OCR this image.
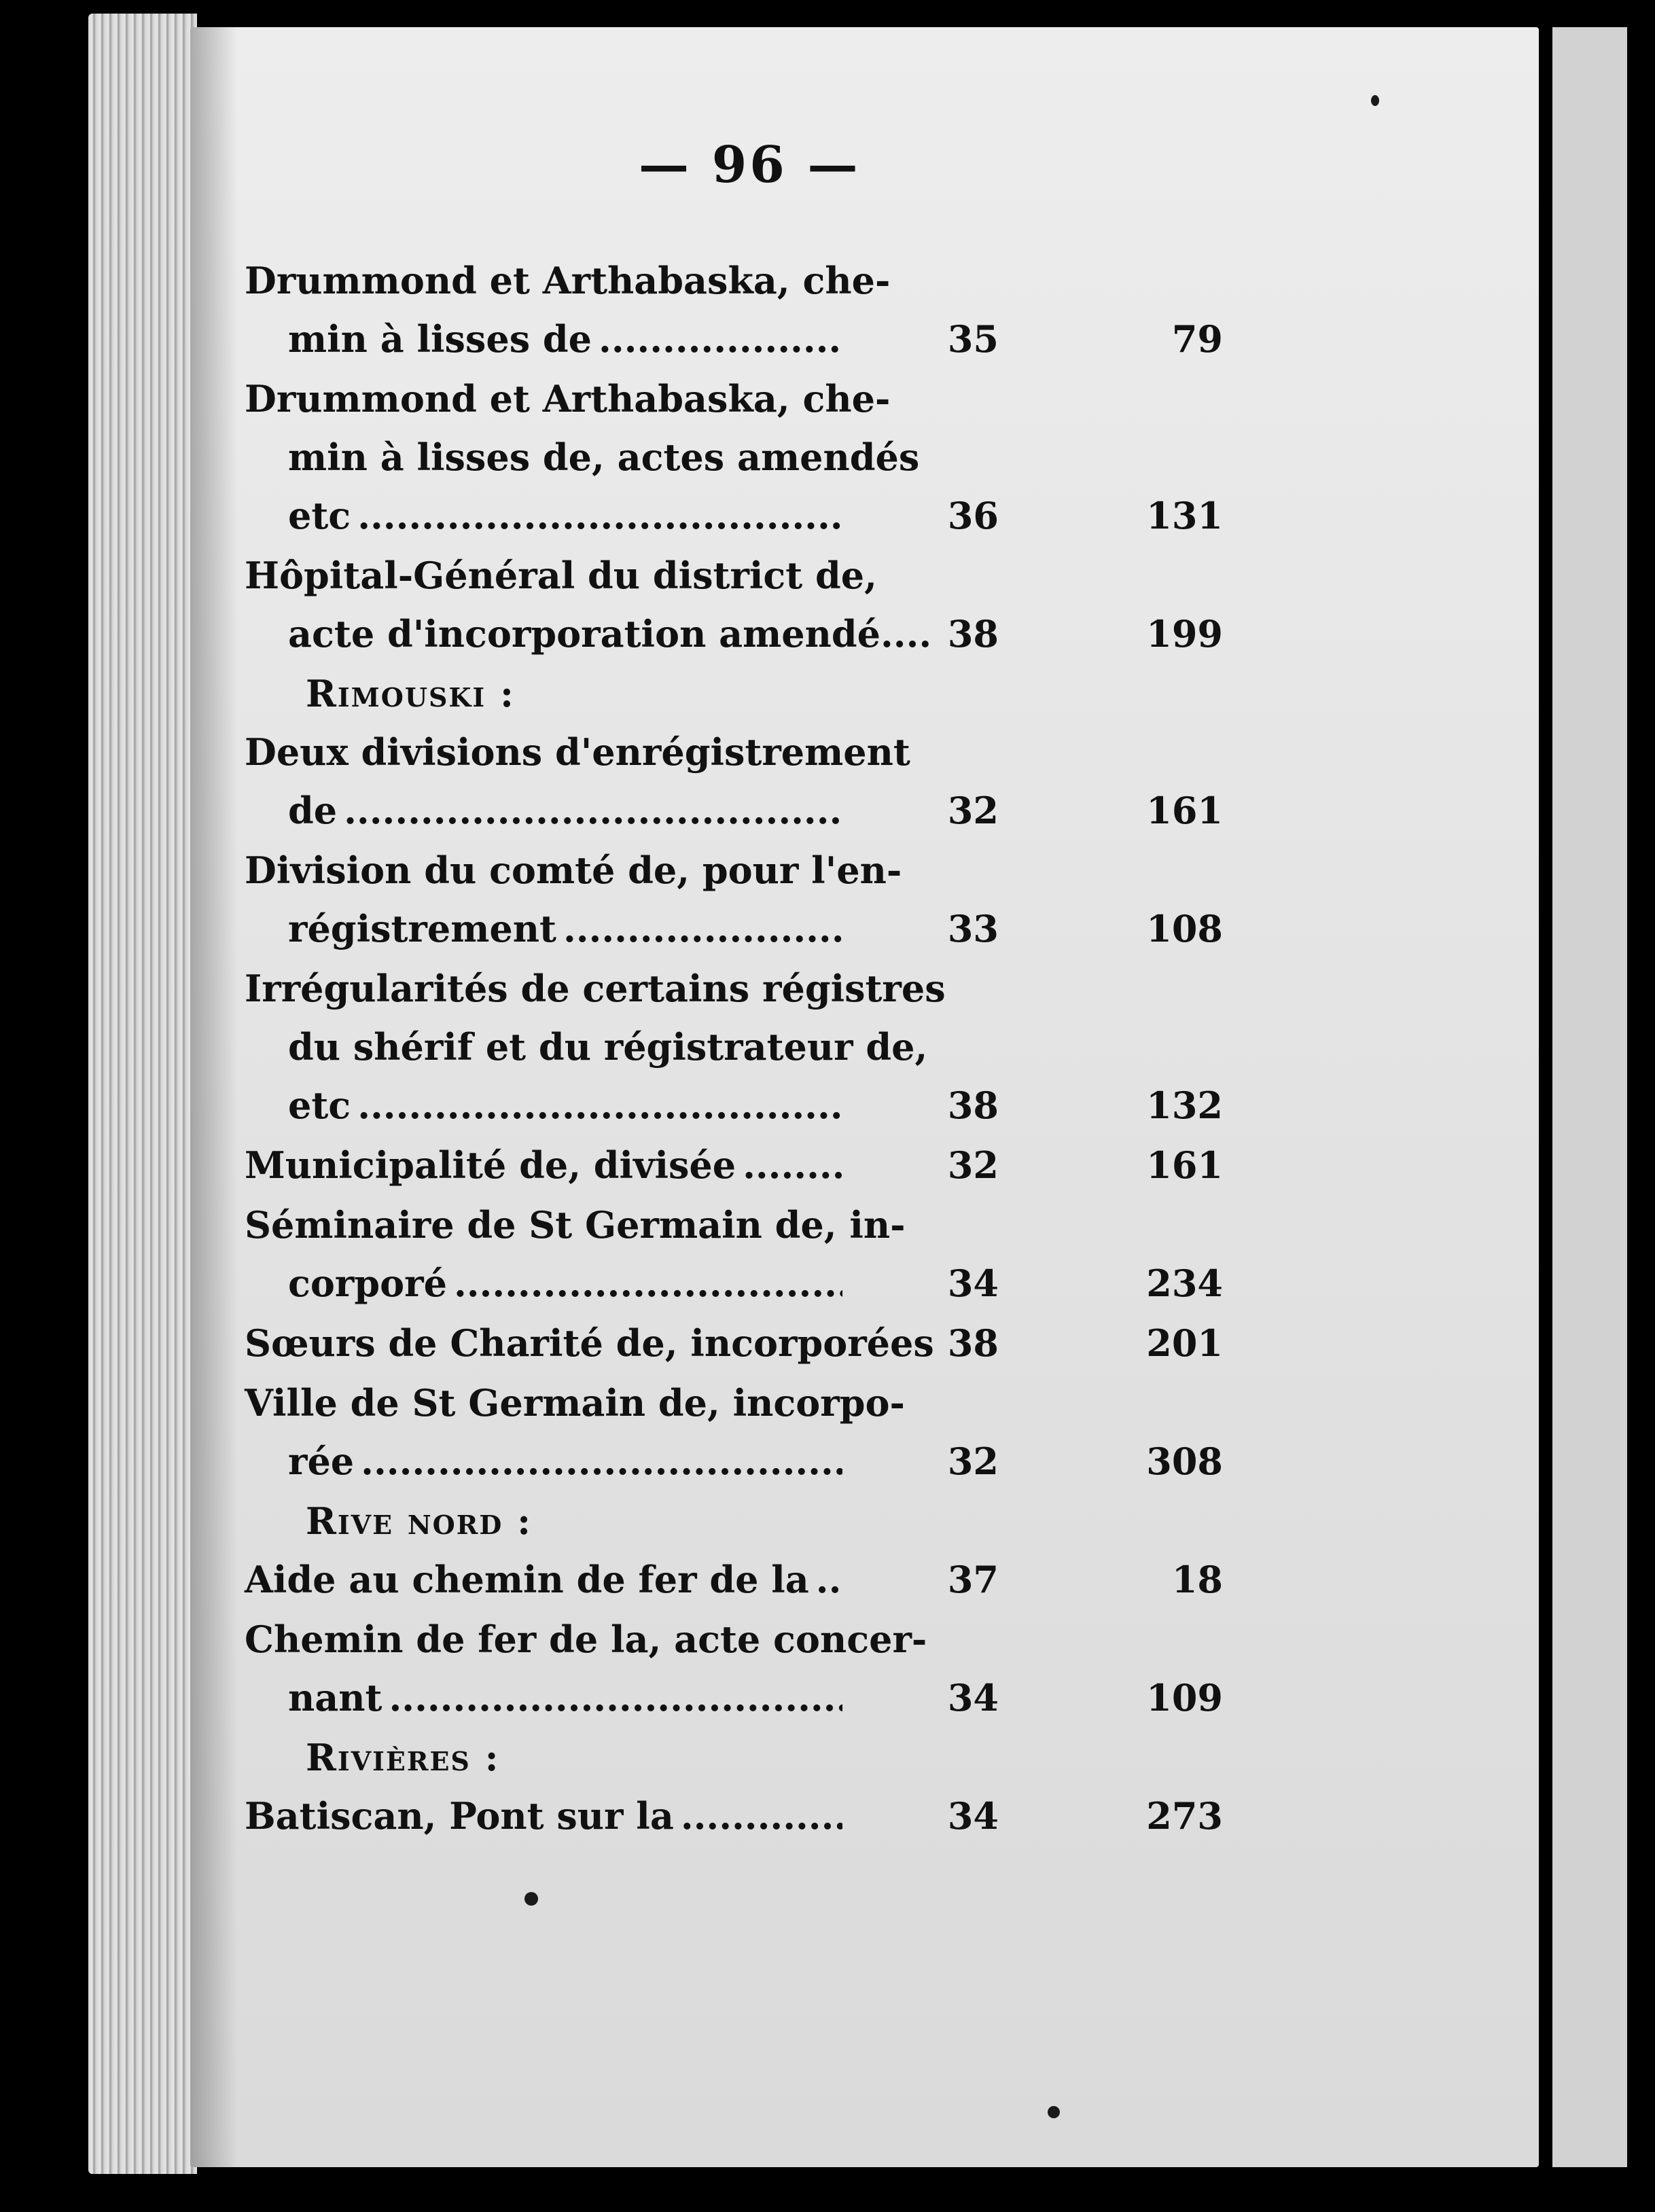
— 96 —
Drummond et Arthabaska, che-
min à lisses de .....	35	79
Drummond et Arthabaska, che-
min à lisses de, actes amendés
etc .....	36	131
Hôpital-Général du district de,
acte d'incorporation amendé.... 38	199
Rimouski :
Deux divisions d'enrégistrement
de .....	32	161
Division du comté de, pour l'en-
régistrement .....	33	108
Irrégularités de certains régistres
du shérif et du régistrateur de,
etc .....	38	132
Municipalité de, divisée .....	32	161
Séminaire de St Germain de, in-
corporé .....	34	234
Sœurs de Charité de, incorporées 38	201
Ville de St Germain de, incorpo-
rée .....	32	308
Rive nord :
Aide au chemin de fer de la .....	37	18
Chemin de fer de la, acte concer-
nant .....	34	109
Rivières :
Batiscan, Pont sur la .....	34	273
